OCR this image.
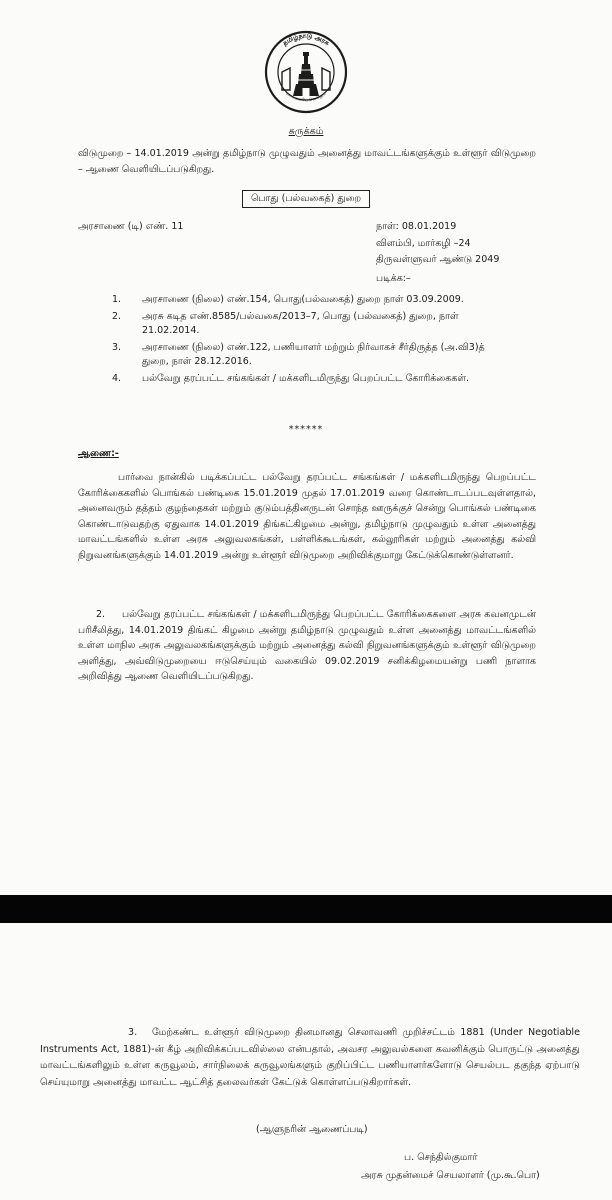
தமிழ்நாடு அரசு
வாய்மையே வெல்லும்
சுருக்கம்
விடுமுறை – 14.01.2019 அன்று தமிழ்நாடு முழுவதும் அனைத்து மாவட்டங்களுக்கும் உள்ளூர் விடுமுறை – ஆணை வெளியிடப்படுகிறது.
பொது (பல்வகைத்) துறை
அரசாணை (டி) எண். 11	நாள்: 08.01.2019
விளம்பி, மார்கழி –24
திருவள்ளுவர் ஆண்டு 2049
படிக்க:–
1. அரசாணை (நிலை) எண்.154, பொது(பல்வகைத்) துறை நாள் 03.09.2009.
2. அரசு கடித எண்.8585/பல்வகை/2013–7, பொது (பல்வகைத்) துறை, நாள் 21.02.2014.
3. அரசாணை (நிலை) எண்.122, பணியாளர் மற்றும் நிர்வாகச் சீர்திருத்த (அ.வி3)த் துறை, நாள் 28.12.2016.
4. பல்வேறு தரப்பட்ட சங்கங்கள் / மக்களிடமிருந்து பெறப்பட்ட கோரிக்கைகள்.
******
ஆணை:-
பார்வை நான்கில் படிக்கப்பட்ட பல்வேறு தரப்பட்ட சங்கங்கள் / மக்களிடமிருந்து பெறப்பட்ட கோரிக்கைகளில் பொங்கல் பண்டிகை 15.01.2019 முதல் 17.01.2019 வரை கொண்டாடப்படவுள்ளதால், அனைவரும் தத்தம் குழந்தைகள் மற்றும் குடும்பத்தினருடன் சொந்த ஊருக்குச் சென்று பொங்கல் பண்டிகை கொண்டாடுவதற்கு ஏதுவாக 14.01.2019 திங்கட்கிழமை அன்று, தமிழ்நாடு முழுவதும் உள்ள அனைத்து மாவட்டங்களில் உள்ள அரசு அலுவலகங்கள், பள்ளிக்கூடங்கள், கல்லூரிகள் மற்றும் அனைத்து கல்வி நிறுவனங்களுக்கும் 14.01.2019 அன்று உள்ளூர் விடுமுறை அறிவிக்குமாறு கேட்டுக்கொண்டுள்ளனர்.
2. பல்வேறு தரப்பட்ட சங்கங்கள் / மக்களிடமிருந்து பெறப்பட்ட கோரிக்கைகளை அரசு கவனமுடன் பரிசீலித்து, 14.01.2019 திங்கட் கிழமை அன்று தமிழ்நாடு முழுவதும் உள்ள அனைத்து மாவட்டங்களில் உள்ள மாநில அரசு அலுவலகங்களுக்கும் மற்றும் அனைத்து கல்வி நிறுவனங்களுக்கும் உள்ளூர் விடுமுறை அளித்து, அவ்விடுமுறையை ஈடுசெய்யும் வகையில் 09.02.2019 சனிக்கிழமையன்று பணி நாளாக அறிவித்து ஆணை வெளியிடப்படுகிறது.
3. மேற்கண்ட உள்ளூர் விடுமுறை தினமானது செலாவணி முறிச்சட்டம் 1881 (Under Negotiable Instruments Act, 1881)-ன் கீழ் அறிவிக்கப்படவில்லை என்பதால், அவசர அலுவல்களை கவனிக்கும் பொருட்டு அனைத்து மாவட்டங்களிலும் உள்ள கருவூலம், சார்நிலைக் கருவூலங்களும் குறிப்பிட்ட பணியாளர்களோடு செயல்பட தகுந்த ஏற்பாடு செய்யுமாறு அனைத்து மாவட்ட ஆட்சித் தலைவர்கள் கேட்டுக் கொள்ளப்படுகிறார்கள்.
(ஆளுநரின் ஆணைப்படி)
ப. செந்தில்குமார்
அரசு முதன்மைச் செயலாளர் (மு.கூ.பொ)
